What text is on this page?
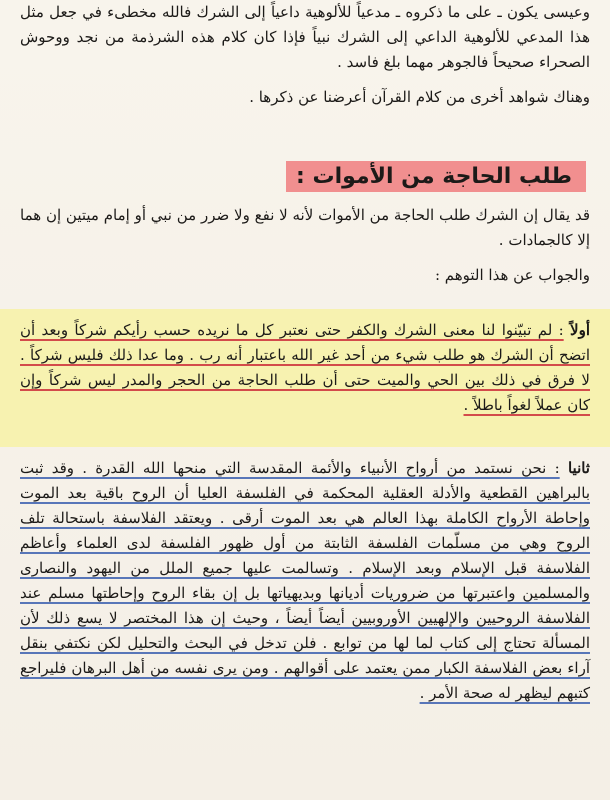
وعيسى يكون ـ على ما ذكروه ـ مدعياً للألوهية داعياً إلى الشرك فالله مخطىء في جعل مثل هذا المدعي للألوهية الداعي إلى الشرك نبياً فإذا كان كلام هذه الشرذمة من نجد ووحوش الصحراء صحيحاً فالجوهر مهما بلغ فاسد .

وهناك شواهد أخرى من كلام القرآن أعرضنا عن ذكرها .

طلب الحاجة من الأموات :

قد يقال إن الشرك طلب الحاجة من الأموات لأنه لا نفع ولا ضرر من نبي أو إمام ميتين إن هما إلا كالجمادات .

والجواب عن هذا التوهم :

أولاً : لم تبيّنوا لنا معنى الشرك والكفر حتى نعتبر كل ما نريده حسب رأيكم شركاً وبعد أن اتضح أن الشرك هو طلب شيء من أحد غير الله باعتبار أنه رب . وما عدا ذلك فليس شركاً . لا فرق في ذلك بين الحي والميت حتى أن طلب الحاجة من الحجر والمدر ليس شركاً وإن كان عملاً لغواً باطلاً .

ثانيا : نحن نستمد من أرواح الأنبياء والأئمة المقدسة التي منحها الله القدرة . وقد ثبت بالبراهين القطعية والأدلة العقلية المحكمة في الفلسفة العليا أن الروح باقية بعد الموت وإحاطة الأرواح الكاملة بهذا العالم هي بعد الموت أرقى . ويعتقد الفلاسفة باستحالة تلف الروح وهي من مسلّمات الفلسفة الثابتة من أول ظهور الفلسفة لدى العلماء وأعاظم الفلاسفة قبل الإسلام وبعد الإسلام . وتسالمت عليها جميع الملل من اليهود والنصارى والمسلمين واعتبرتها من ضروريات أديانها وبديهياتها بل إن بقاء الروح وإحاطتها مسلم عند الفلاسفة الروحيين والإلهيين الأوروبيين أيضاً أيضاً ، وحيث إن هذا المختصر لا يسع ذلك لأن المسألة تحتاج إلى كتاب لما لها من توابع . فلن تدخل في البحث والتحليل لكن نكتفي بنقل آراء بعض الفلاسفة الكبار ممن يعتمد على أقوالهم . ومن يرى نفسه من أهل البرهان فليراجع كتبهم ليظهر له صحة الأمر .
